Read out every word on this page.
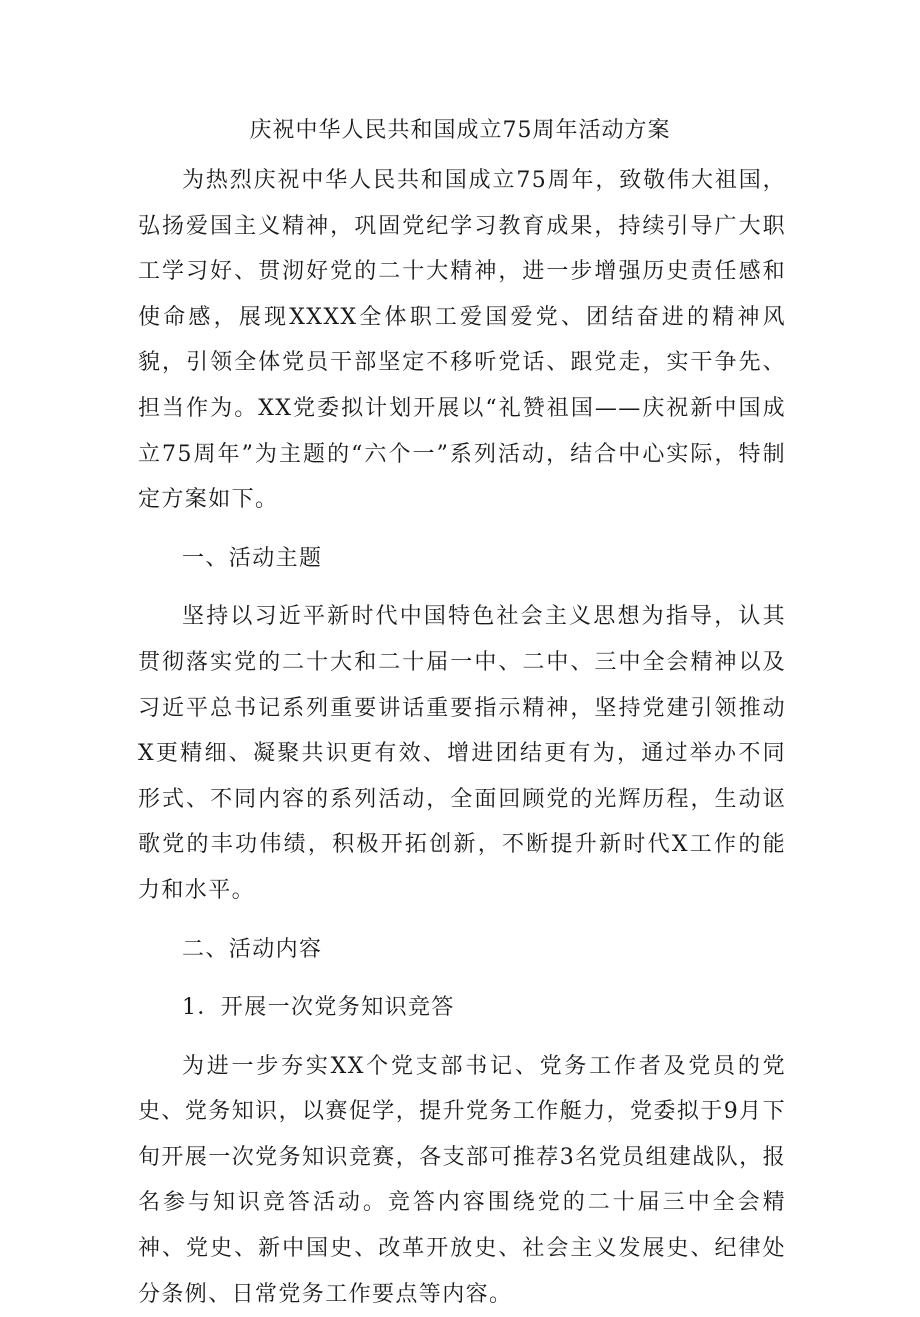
庆祝中华人民共和国成立75周年活动方案

为热烈庆祝中华人民共和国成立75周年，致敬伟大祖国，弘扬爱国主义精神，巩固党纪学习教育成果，持续引导广大职工学习好、贯沏好党的二十大精神，进一步增强历史责任感和使命感，展现XXXX全体职工爱国爱党、团结奋进的精神风貌，引领全体党员干部坚定不移听党话、跟党走，实干争先、担当作为。XX党委拟计划开展以“礼赞祖国——庆祝新中国成立75周年”为主题的“六个一”系列活动，结合中心实际，特制定方案如下。

一、活动主题

坚持以习近平新时代中国特色社会主义思想为指导，认其贯彻落实党的二十大和二十届一中、二中、三中全会精神以及习近平总书记系列重要讲话重要指示精神，坚持党建引领推动X更精细、凝聚共识更有效、增进团结更有为，通过举办不同形式、不同内容的系列活动，全面回顾党的光辉历程，生动讴歌党的丰功伟绩，积极开拓创新，不断提升新时代X工作的能力和水平。

二、活动内容

1．开展一次党务知识竞答

为进一步夯实XX个党支部书记、党务工作者及党员的党史、党务知识，以赛促学，提升党务工作艇力，党委拟于9月下旬开展一次党务知识竞赛，各支部可推荐3名党员组建战队，报名参与知识竞答活动。竞答内容围绕党的二十届三中全会精神、党史、新中国史、改革开放史、社会主义发展史、纪律处分条例、日常党务工作要点等内容。
